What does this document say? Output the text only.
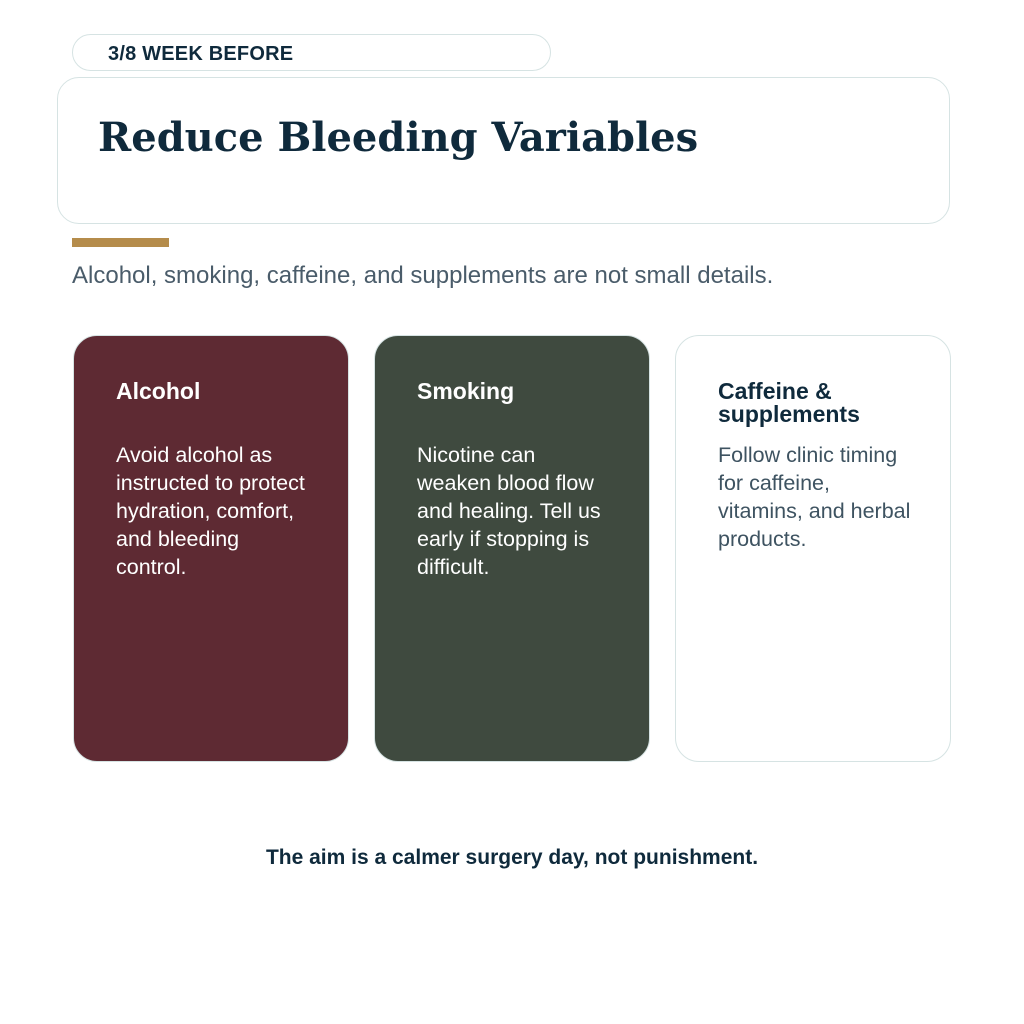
3/8 WEEK BEFORE
Reduce Bleeding Variables

Alcohol, smoking, caffeine, and supplements are not small details.

Alcohol

Avoid alcohol as instructed to protect hydration, comfort, and bleeding control.

Smoking

Nicotine can weaken blood flow and healing. Tell us early if stopping is difficult.

Caffeine & supplements

Follow clinic timing for caffeine, vitamins, and herbal products.

The aim is a calmer surgery day, not punishment.
